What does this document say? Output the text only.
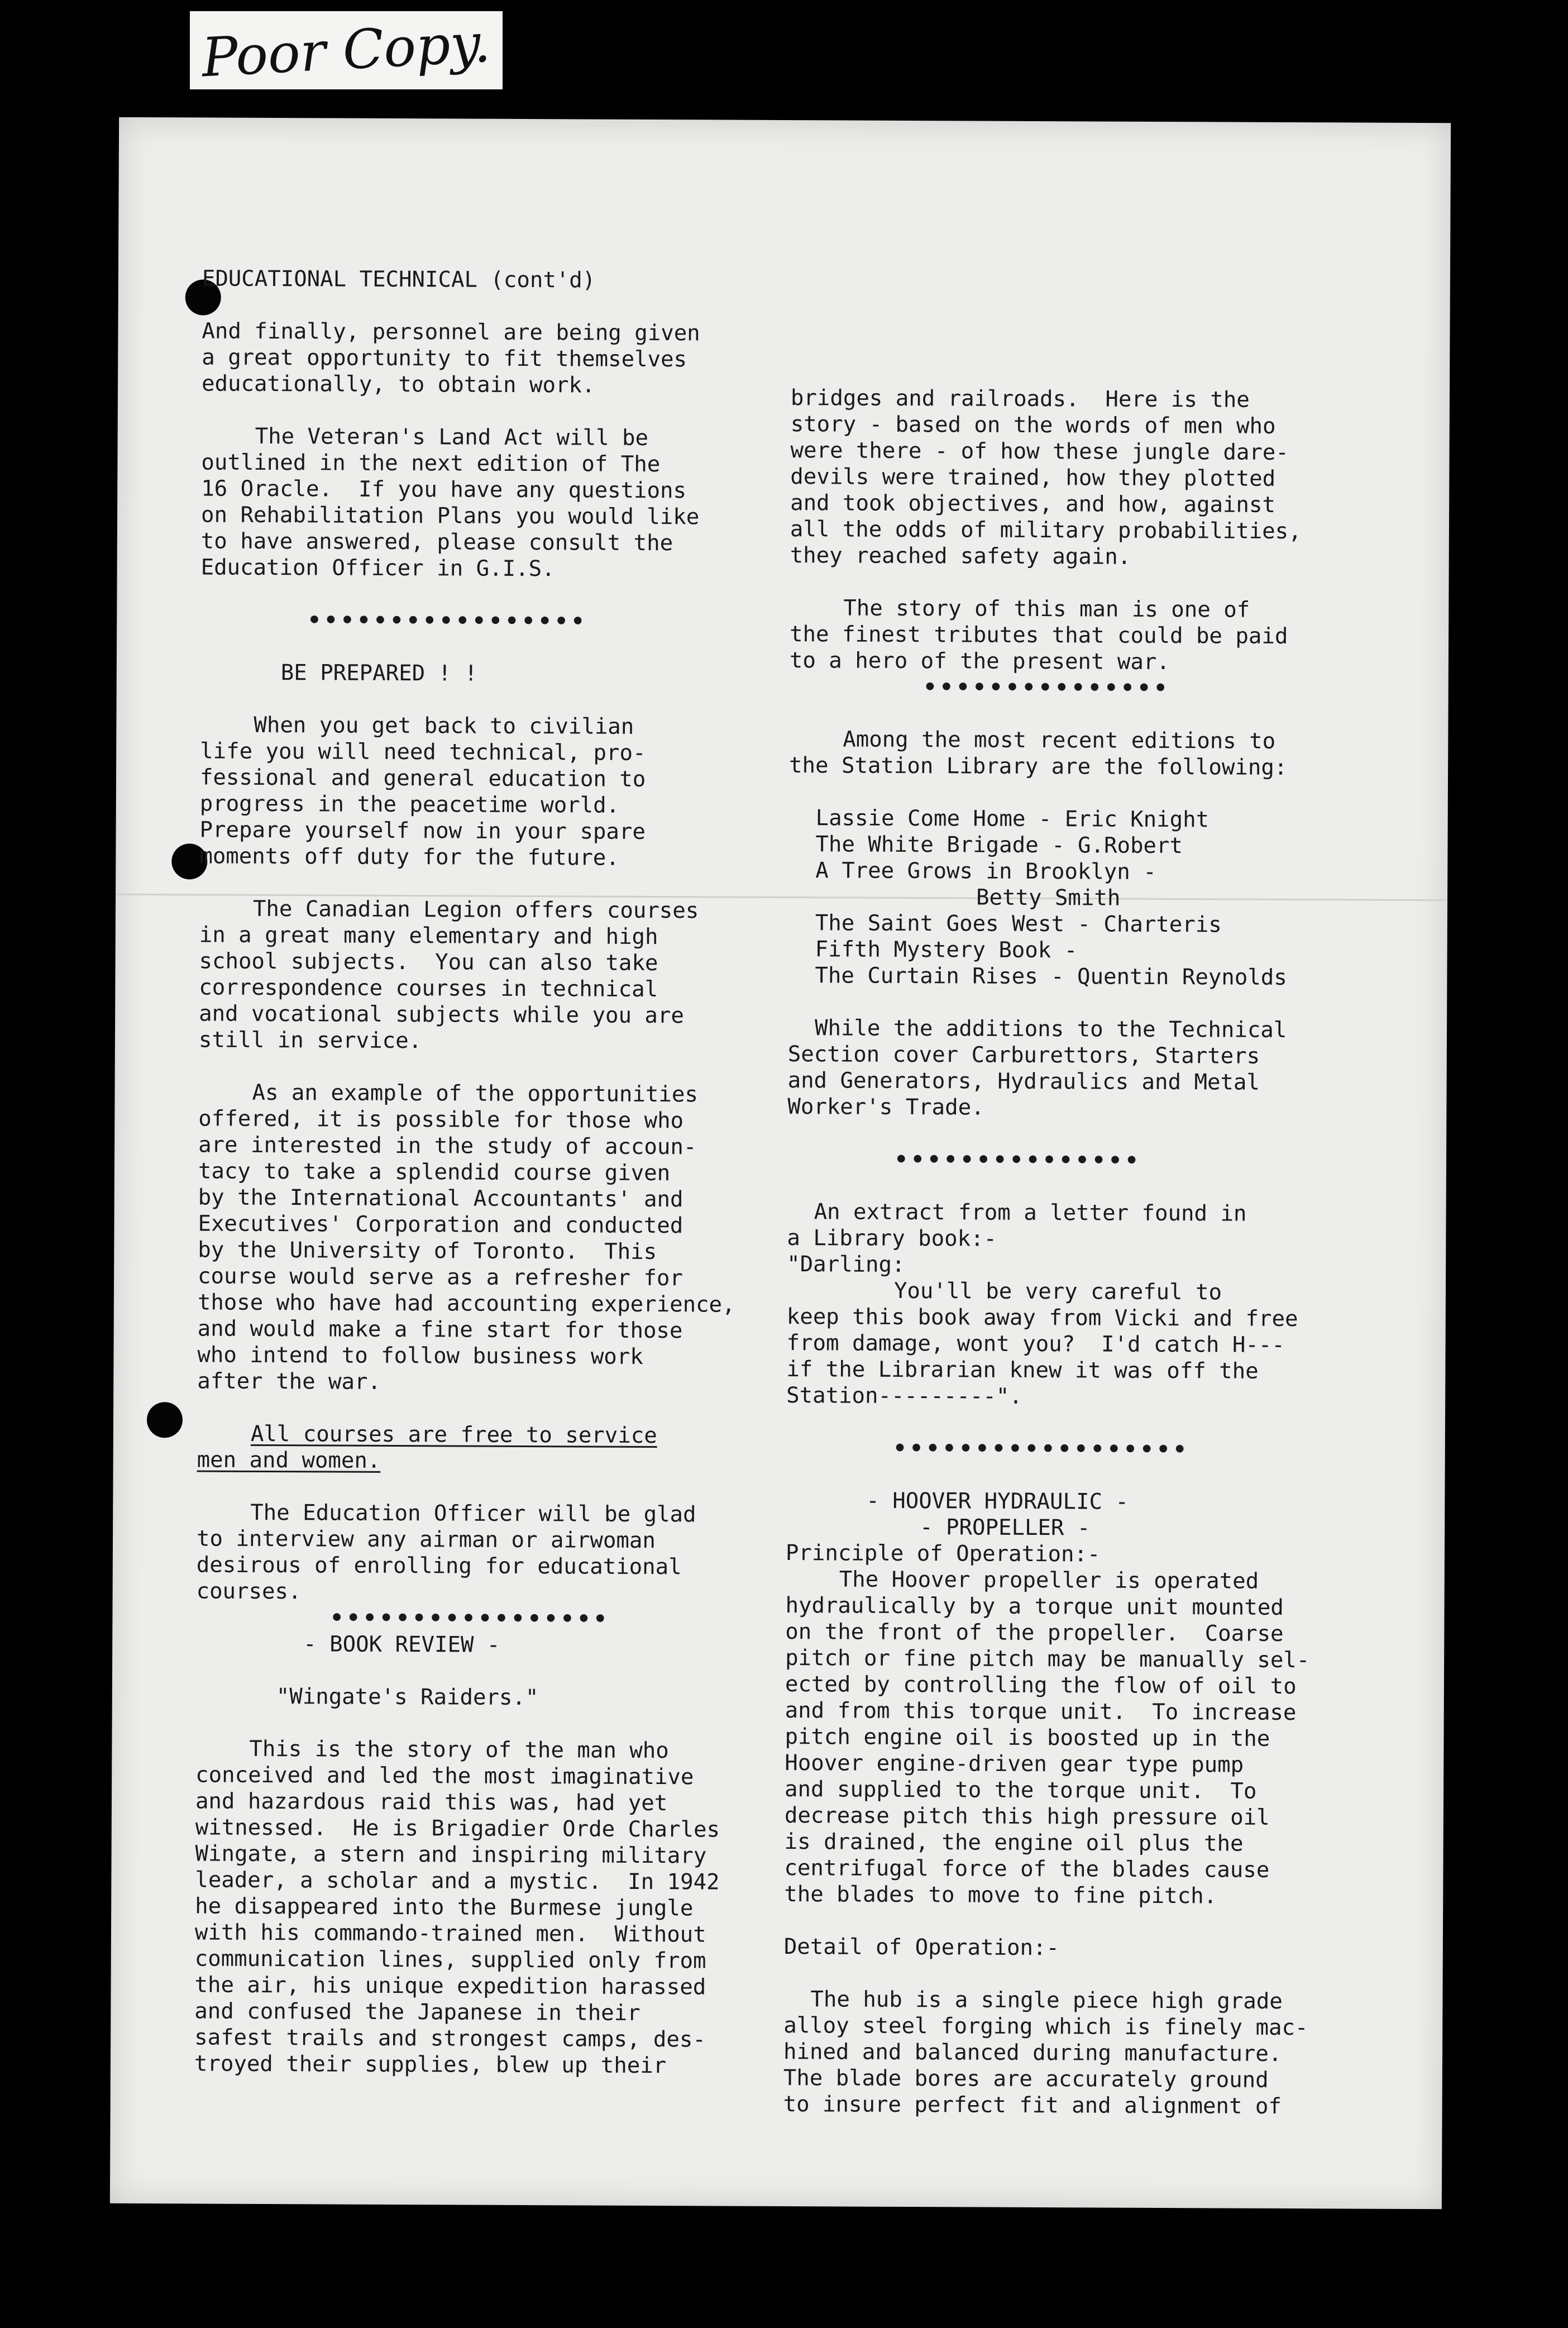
Poor Copy.
EDUCATIONAL TECHNICAL (cont'd)
And finally, personnel are being given
a great opportunity to fit themselves
educationally, to obtain work.
The Veteran's Land Act will be
outlined in the next edition of The
16 Oracle.  If you have any questions
on Rehabilitation Plans you would like
to have answered, please consult the
Education Officer in G.I.S.
•••••••••••••••••
BE PREPARED ! !
When you get back to civilian
life you will need technical, pro-
fessional and general education to
progress in the peacetime world.
Prepare yourself now in your spare
moments off duty for the future.
The Canadian Legion offers courses
in a great many elementary and high
school subjects.  You can also take
correspondence courses in technical
and vocational subjects while you are
still in service.
As an example of the opportunities
offered, it is possible for those who
are interested in the study of accoun-
tacy to take a splendid course given
by the International Accountants' and
Executives' Corporation and conducted
by the University of Toronto.  This
course would serve as a refresher for
those who have had accounting experience,
and would make a fine start for those
who intend to follow business work
after the war.
All courses are free to service
men and women.
The Education Officer will be glad
to interview any airman or airwoman
desirous of enrolling for educational
courses.
•••••••••••••••••
- BOOK REVIEW -
"Wingate's Raiders."
This is the story of the man who
conceived and led the most imaginative
and hazardous raid this was, had yet
witnessed.  He is Brigadier Orde Charles
Wingate, a stern and inspiring military
leader, a scholar and a mystic.  In 1942
he disappeared into the Burmese jungle
with his commando-trained men.  Without
communication lines, supplied only from
the air, his unique expedition harassed
and confused the Japanese in their
safest trails and strongest camps, des-
troyed their supplies, blew up their
bridges and railroads.  Here is the
story - based on the words of men who
were there - of how these jungle dare-
devils were trained, how they plotted
and took objectives, and how, against
all the odds of military probabilities,
they reached safety again.
The story of this man is one of
the finest tributes that could be paid
to a hero of the present war.
•••••••••••••••
Among the most recent editions to
the Station Library are the following:
Lassie Come Home - Eric Knight
The White Brigade - G.Robert
A Tree Grows in Brooklyn -
Betty Smith
The Saint Goes West - Charteris
Fifth Mystery Book -
The Curtain Rises - Quentin Reynolds
While the additions to the Technical
Section cover Carburettors, Starters
and Generators, Hydraulics and Metal
Worker's Trade.
•••••••••••••••
An extract from a letter found in
a Library book:-
"Darling:
You'll be very careful to
keep this book away from Vicki and free
from damage, wont you?  I'd catch H---
if the Librarian knew it was off the
Station---------".
••••••••••••••••••
- HOOVER HYDRAULIC -
- PROPELLER -
Principle of Operation:-
The Hoover propeller is operated
hydraulically by a torque unit mounted
on the front of the propeller.  Coarse
pitch or fine pitch may be manually sel-
ected by controlling the flow of oil to
and from this torque unit.  To increase
pitch engine oil is boosted up in the
Hoover engine-driven gear type pump
and supplied to the torque unit.  To
decrease pitch this high pressure oil
is drained, the engine oil plus the
centrifugal force of the blades cause
the blades to move to fine pitch.
Detail of Operation:-
The hub is a single piece high grade
alloy steel forging which is finely mac-
hined and balanced during manufacture.
The blade bores are accurately ground
to insure perfect fit and alignment of
